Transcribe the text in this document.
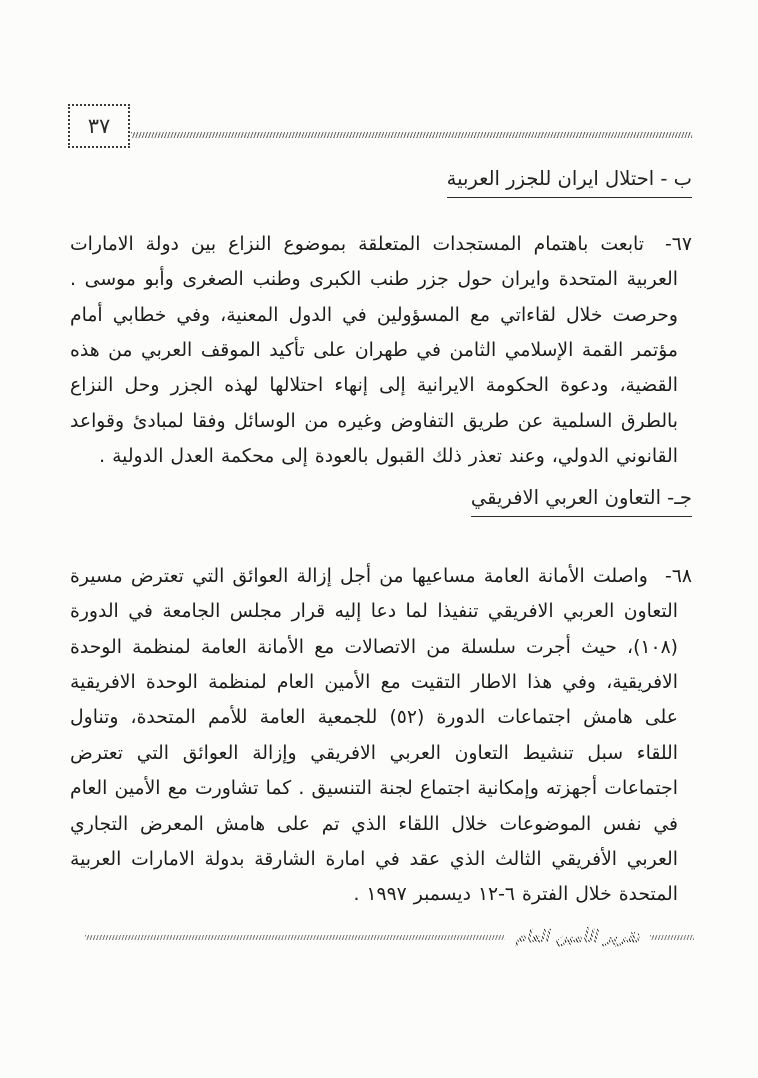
٣٧
ب - احتلال ايران للجزر العربية

٦٧- تابعت باهتمام المستجدات المتعلقة بموضوع النزاع بين دولة الامارات العربية المتحدة وايران حول جزر طنب الكبرى وطنب الصغرى وأبو موسى . وحرصت خلال لقاءاتي مع المسؤولين في الدول المعنية، وفي خطابي أمام مؤتمر القمة الإسلامي الثامن في طهران على تأكيد الموقف العربي من هذه القضية، ودعوة الحكومة الايرانية إلى إنهاء احتلالها لهذه الجزر وحل النزاع بالطرق السلمية عن طريق التفاوض وغيره من الوسائل وفقا لمبادئ وقواعد القانوني الدولي، وعند تعذر ذلك القبول بالعودة إلى محكمة العدل الدولية .

جـ- التعاون العربي الافريقي

٦٨- واصلت الأمانة العامة مساعيها من أجل إزالة العوائق التي تعترض مسيرة التعاون العربي الافريقي تنفيذا لما دعا إليه قرار مجلس الجامعة في الدورة (١٠٨)، حيث أجرت سلسلة من الاتصالات مع الأمانة العامة لمنظمة الوحدة الافريقية، وفي هذا الاطار التقيت مع الأمين العام لمنظمة الوحدة الافريقية على هامش اجتماعات الدورة (٥٢) للجمعية العامة للأمم المتحدة، وتناول اللقاء سبل تنشيط التعاون العربي الافريقي وإزالة العوائق التي تعترض اجتماعات أجهزته وإمكانية اجتماع لجنة التنسيق . كما تشاورت مع الأمين العام في نفس الموضوعات خلال اللقاء الذي تم على هامش المعرض التجاري العربي الأفريقي الثالث الذي عقد في امارة الشارقة بدولة الامارات العربية المتحدة خلال الفترة ٦-١٢ ديسمبر ١٩٩٧ .

تقرير الأمين العام
